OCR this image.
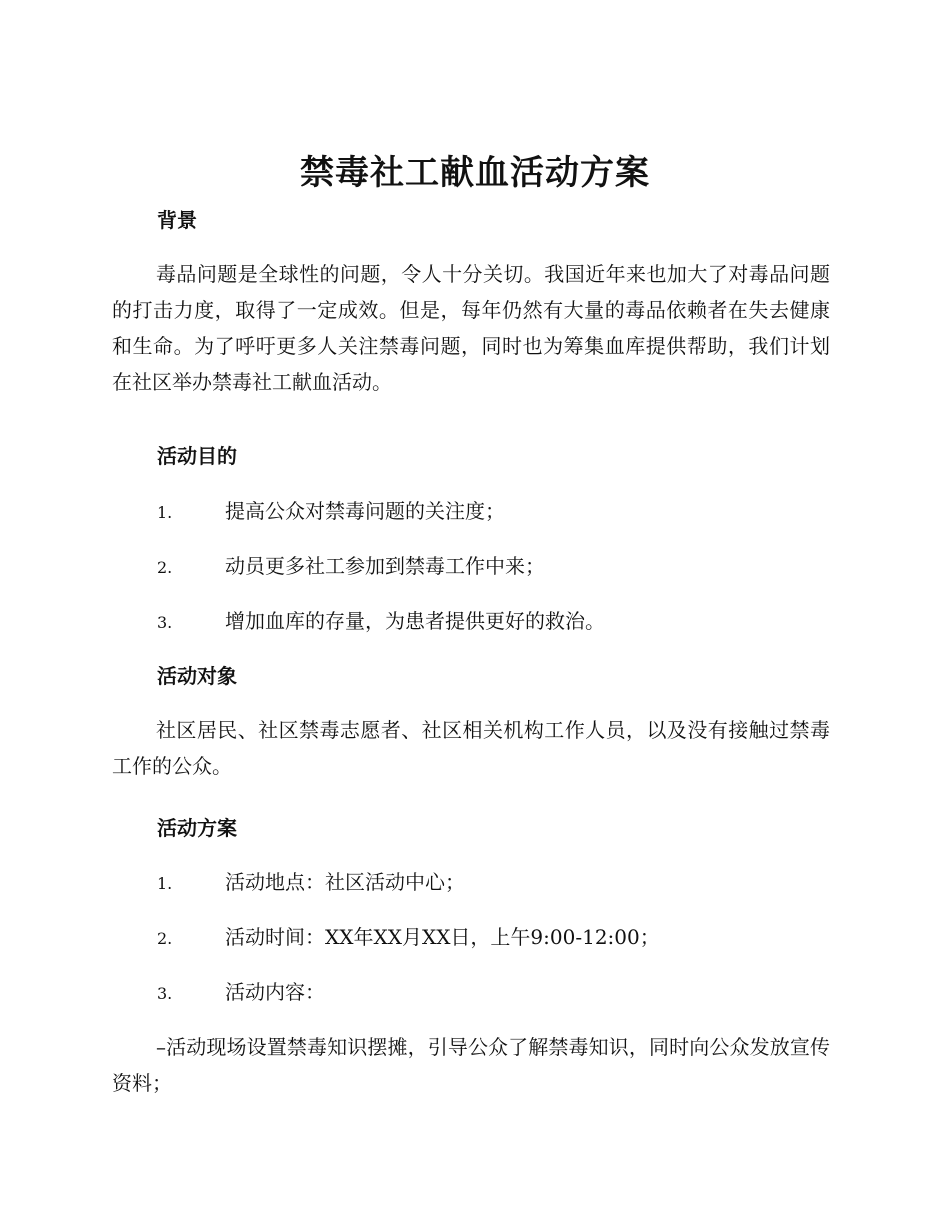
禁毒社工献血活动方案
背景
毒品问题是全球性的问题，令人十分关切。我国近年来也加大了对毒品问题的打击力度，取得了一定成效。但是，每年仍然有大量的毒品依赖者在失去健康和生命。为了呼吁更多人关注禁毒问题，同时也为筹集血库提供帮助，我们计划在社区举办禁毒社工献血活动。
活动目的
1.	提高公众对禁毒问题的关注度；
2.	动员更多社工参加到禁毒工作中来；
3.	增加血库的存量，为患者提供更好的救治。
活动对象
社区居民、社区禁毒志愿者、社区相关机构工作人员，以及没有接触过禁毒工作的公众。
活动方案
1.	活动地点：社区活动中心；
2.	活动时间：XX年XX月XX日，上午9:00-12:00；
3.	活动内容：
–活动现场设置禁毒知识摆摊，引导公众了解禁毒知识，同时向公众发放宣传资料；
